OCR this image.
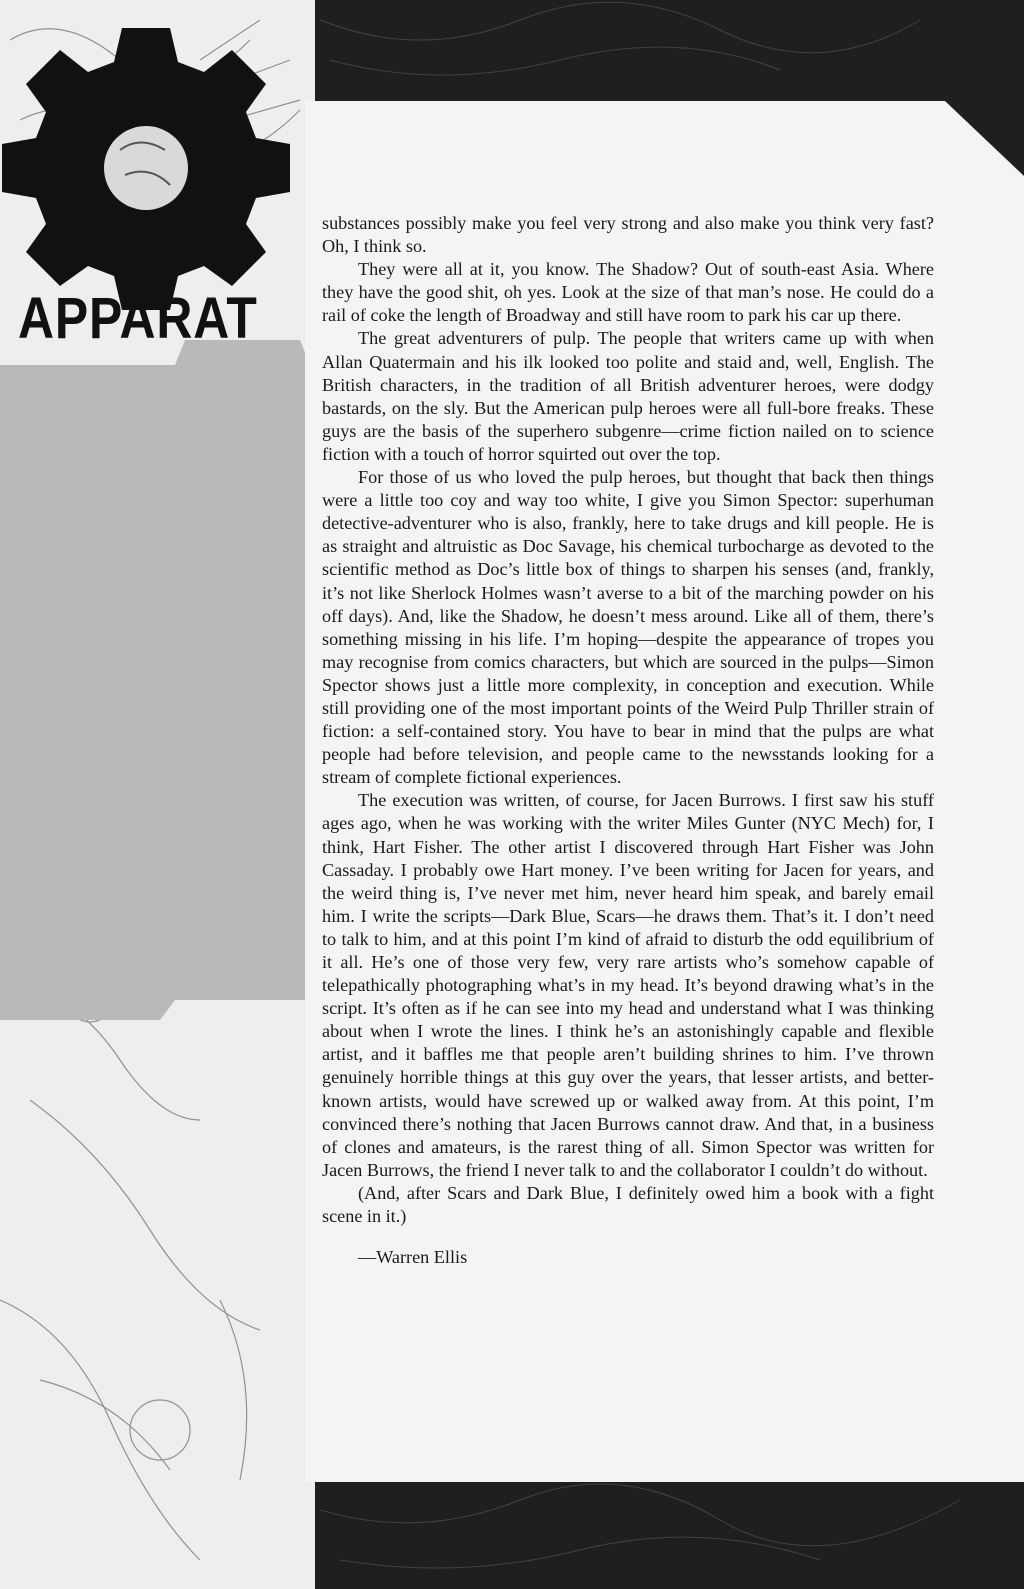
APPARAT

substances possibly make you feel very strong and also make you think very fast? Oh, I think so.

They were all at it, you know. The Shadow? Out of south-east Asia. Where they have the good shit, oh yes. Look at the size of that man’s nose. He could do a rail of coke the length of Broadway and still have room to park his car up there.

The great adventurers of pulp. The people that writers came up with when Allan Quatermain and his ilk looked too polite and staid and, well, English. The British characters, in the tradition of all British adventurer heroes, were dodgy bastards, on the sly. But the American pulp heroes were all full-bore freaks. These guys are the basis of the superhero subgenre—crime fiction nailed on to science fiction with a touch of horror squirted out over the top.

For those of us who loved the pulp heroes, but thought that back then things were a little too coy and way too white, I give you Simon Spector: superhuman detective-adventurer who is also, frankly, here to take drugs and kill people. He is as straight and altruistic as Doc Savage, his chemical turbocharge as devoted to the scientific method as Doc’s little box of things to sharpen his senses (and, frankly, it’s not like Sherlock Holmes wasn’t averse to a bit of the marching powder on his off days). And, like the Shadow, he doesn’t mess around. Like all of them, there’s something missing in his life. I’m hoping—despite the appearance of tropes you may recognise from comics characters, but which are sourced in the pulps—Simon Spector shows just a little more complexity, in conception and execution. While still providing one of the most important points of the Weird Pulp Thriller strain of fiction: a self-contained story. You have to bear in mind that the pulps are what people had before television, and people came to the newsstands looking for a stream of complete fictional experiences.

The execution was written, of course, for Jacen Burrows. I first saw his stuff ages ago, when he was working with the writer Miles Gunter (NYC Mech) for, I think, Hart Fisher. The other artist I discovered through Hart Fisher was John Cassaday. I probably owe Hart money. I’ve been writing for Jacen for years, and the weird thing is, I’ve never met him, never heard him speak, and barely email him. I write the scripts—Dark Blue, Scars—he draws them. That’s it. I don’t need to talk to him, and at this point I’m kind of afraid to disturb the odd equilibrium of it all. He’s one of those very few, very rare artists who’s somehow capable of telepathically photographing what’s in my head. It’s beyond drawing what’s in the script. It’s often as if he can see into my head and understand what I was thinking about when I wrote the lines. I think he’s an astonishingly capable and flexible artist, and it baffles me that people aren’t building shrines to him. I’ve thrown genuinely horrible things at this guy over the years, that lesser artists, and better-known artists, would have screwed up or walked away from. At this point, I’m convinced there’s nothing that Jacen Burrows cannot draw. And that, in a business of clones and amateurs, is the rarest thing of all. Simon Spector was written for Jacen Burrows, the friend I never talk to and the collaborator I couldn’t do without.

(And, after Scars and Dark Blue, I definitely owed him a book with a fight scene in it.)

—Warren Ellis
